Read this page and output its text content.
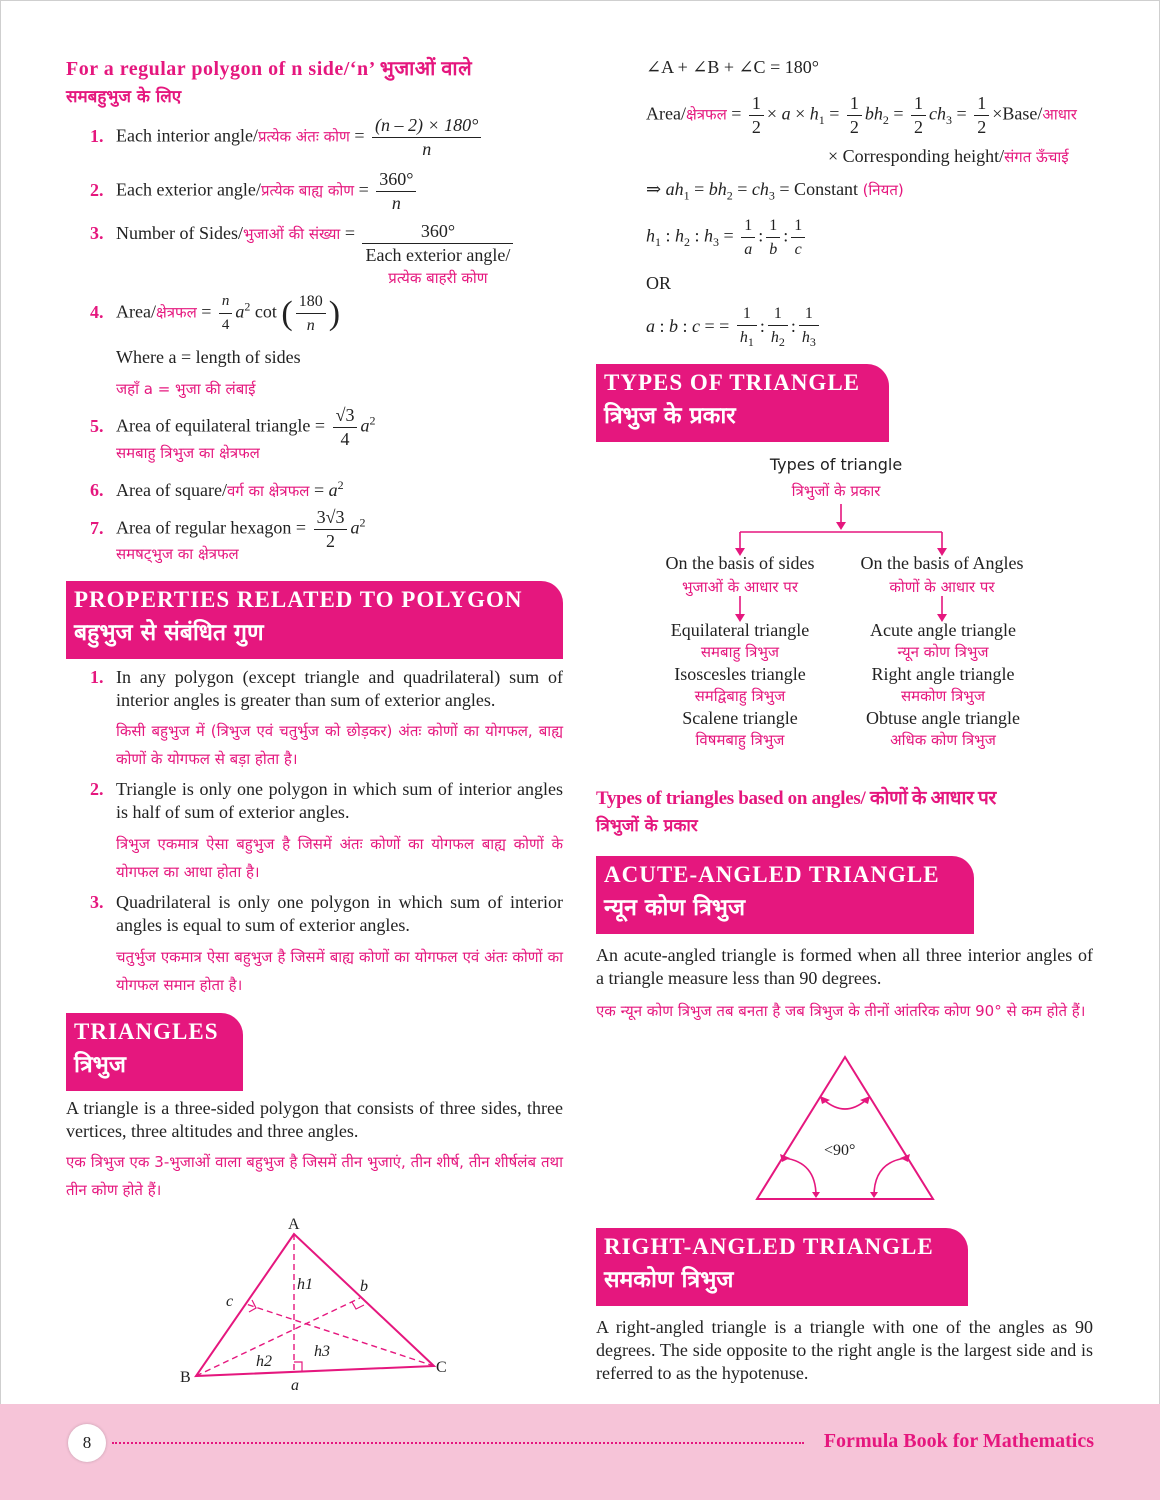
For a regular polygon of n side/‘n’ भुजाओं वाले
समबहुभुज के लिए
1. Each interior angle/प्रत्येक अंतः कोण = $\frac{(n - 2) \times 180^\circ}{n}$
2. Each exterior angle/प्रत्येक बाह्य कोण = $\frac{360^\circ}{n}$
3. Number of Sides/भुजाओं की संख्या =	360°
Each exterior angle/
प्रत्येक बाहरी कोण
4. Area/क्षेत्रफल = $\frac{n}{4} a^2$ cot ( $\frac{180}{n}$ )
Where a = length of sides
जहाँ a = भुजा की लंबाई
5. Area of equilateral triangle = $\frac{√3}{4} a^2$
समबाहु त्रिभुज का क्षेत्रफल
6. Area of square/वर्ग का क्षेत्रफल = $a^2$
7. Area of regular hexagon = $\frac{3√3}{2} a^2$
समषट्भुज का क्षेत्रफल
PROPERTIES RELATED TO POLYGON
बहुभुज से संबंधित गुण
1. In any polygon (except triangle and quadrilateral) sum of interior angles is greater than sum of exterior angles.
किसी बहुभुज में (त्रिभुज एवं चतुर्भुज को छोड़कर) अंतः कोणों का योगफल, बाह्य कोणों के योगफल से बड़ा होता है।
2. Triangle is only one polygon in which sum of interior angles is half of sum of exterior angles.
त्रिभुज एकमात्र ऐसा बहुभुज है जिसमें अंतः कोणों का योगफल बाह्य कोणों के योगफल का आधा होता है।
3. Quadrilateral is only one polygon in which sum of interior angles is equal to sum of exterior angles.
चतुर्भुज एकमात्र ऐसा बहुभुज है जिसमें बाह्य कोणों का योगफल एवं अंतः कोणों का योगफल समान होता है।
TRIANGLES
त्रिभुज
A triangle is a three-sided polygon that consists of three sides, three vertices, three altitudes and three angles.
एक त्रिभुज एक 3-भुजाओं वाला बहुभुज है जिसमें तीन भुजाएं, तीन शीर्ष, तीन शीर्षलंब तथा तीन कोण होते हैं।
A
B
C
a
b
c
h1
h2
h3
∠A + ∠B + ∠C = 180°
Area/क्षेत्रफल = $\frac{1}{2} \times a \times h_1 = \frac{1}{2} bh_2 = \frac{1}{2} ch_3 = \frac{1}{2}$ ×Base/आधार
× Corresponding height/संगत ऊँचाई
⇒ $ah_1 = bh_2 = ch_3$ = Constant (नियत)
$h_1$ : $h_2$ : $h_3 = \frac{1}{a}$ : $\frac{1}{b}$ : $\frac{1}{c}$
OR
a : b : c = = $\frac{1}{h_1}$ : $\frac{1}{h_2}$ : $\frac{1}{h_3}$
TYPES OF TRIANGLE
त्रिभुज के प्रकार
Types of triangle
त्रिभुजों के प्रकार
On the basis of sides
भुजाओं के आधार पर
On the basis of Angles
कोणों के आधार पर
Equilateral triangle
समबाहु त्रिभुज
Isoscesles triangle
समद्विबाहु त्रिभुज
Scalene triangle
विषमबाहु त्रिभुज
Acute angle triangle
न्यून कोण त्रिभुज
Right angle triangle
समकोण त्रिभुज
Obtuse angle triangle
अधिक कोण त्रिभुज
Types of triangles based on angles/ कोणों के आधार पर
त्रिभुजों के प्रकार
ACUTE-ANGLED TRIANGLE
न्यून कोण त्रिभुज
An acute-angled triangle is formed when all three interior angles of a triangle measure less than 90 degrees.
एक न्यून कोण त्रिभुज तब बनता है जब त्रिभुज के तीनों आंतरिक कोण 90° से कम होते हैं।
<90°
RIGHT-ANGLED TRIANGLE
समकोण त्रिभुज
A right-angled triangle is a triangle with one of the angles as 90 degrees. The side opposite to the right angle is the largest side and is referred to as the hypotenuse.
8	Formula Book for Mathematics
